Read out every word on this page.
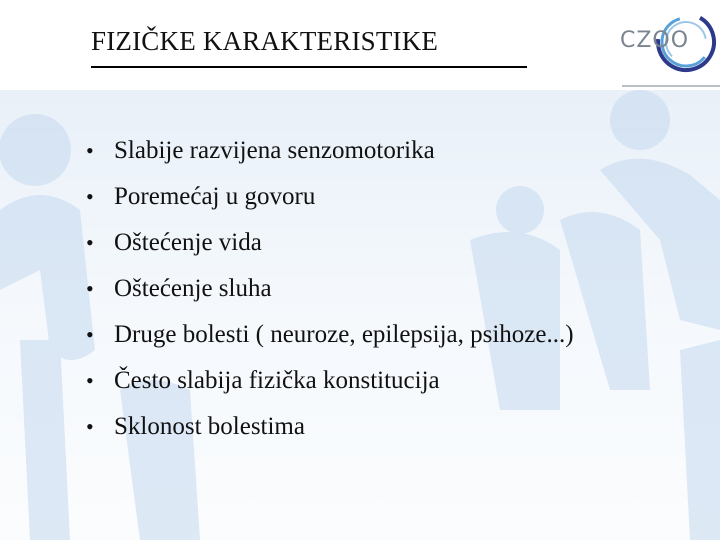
FIZIČKE KARAKTERISTIKE	CZOO
• Slabije razvijena senzomotorika
• Poremećaj u govoru
• Oštećenje vida
• Oštećenje sluha
• Druge bolesti ( neuroze, epilepsija, psihoze...)
• Često slabija fizička konstitucija
• Sklonost bolestima
